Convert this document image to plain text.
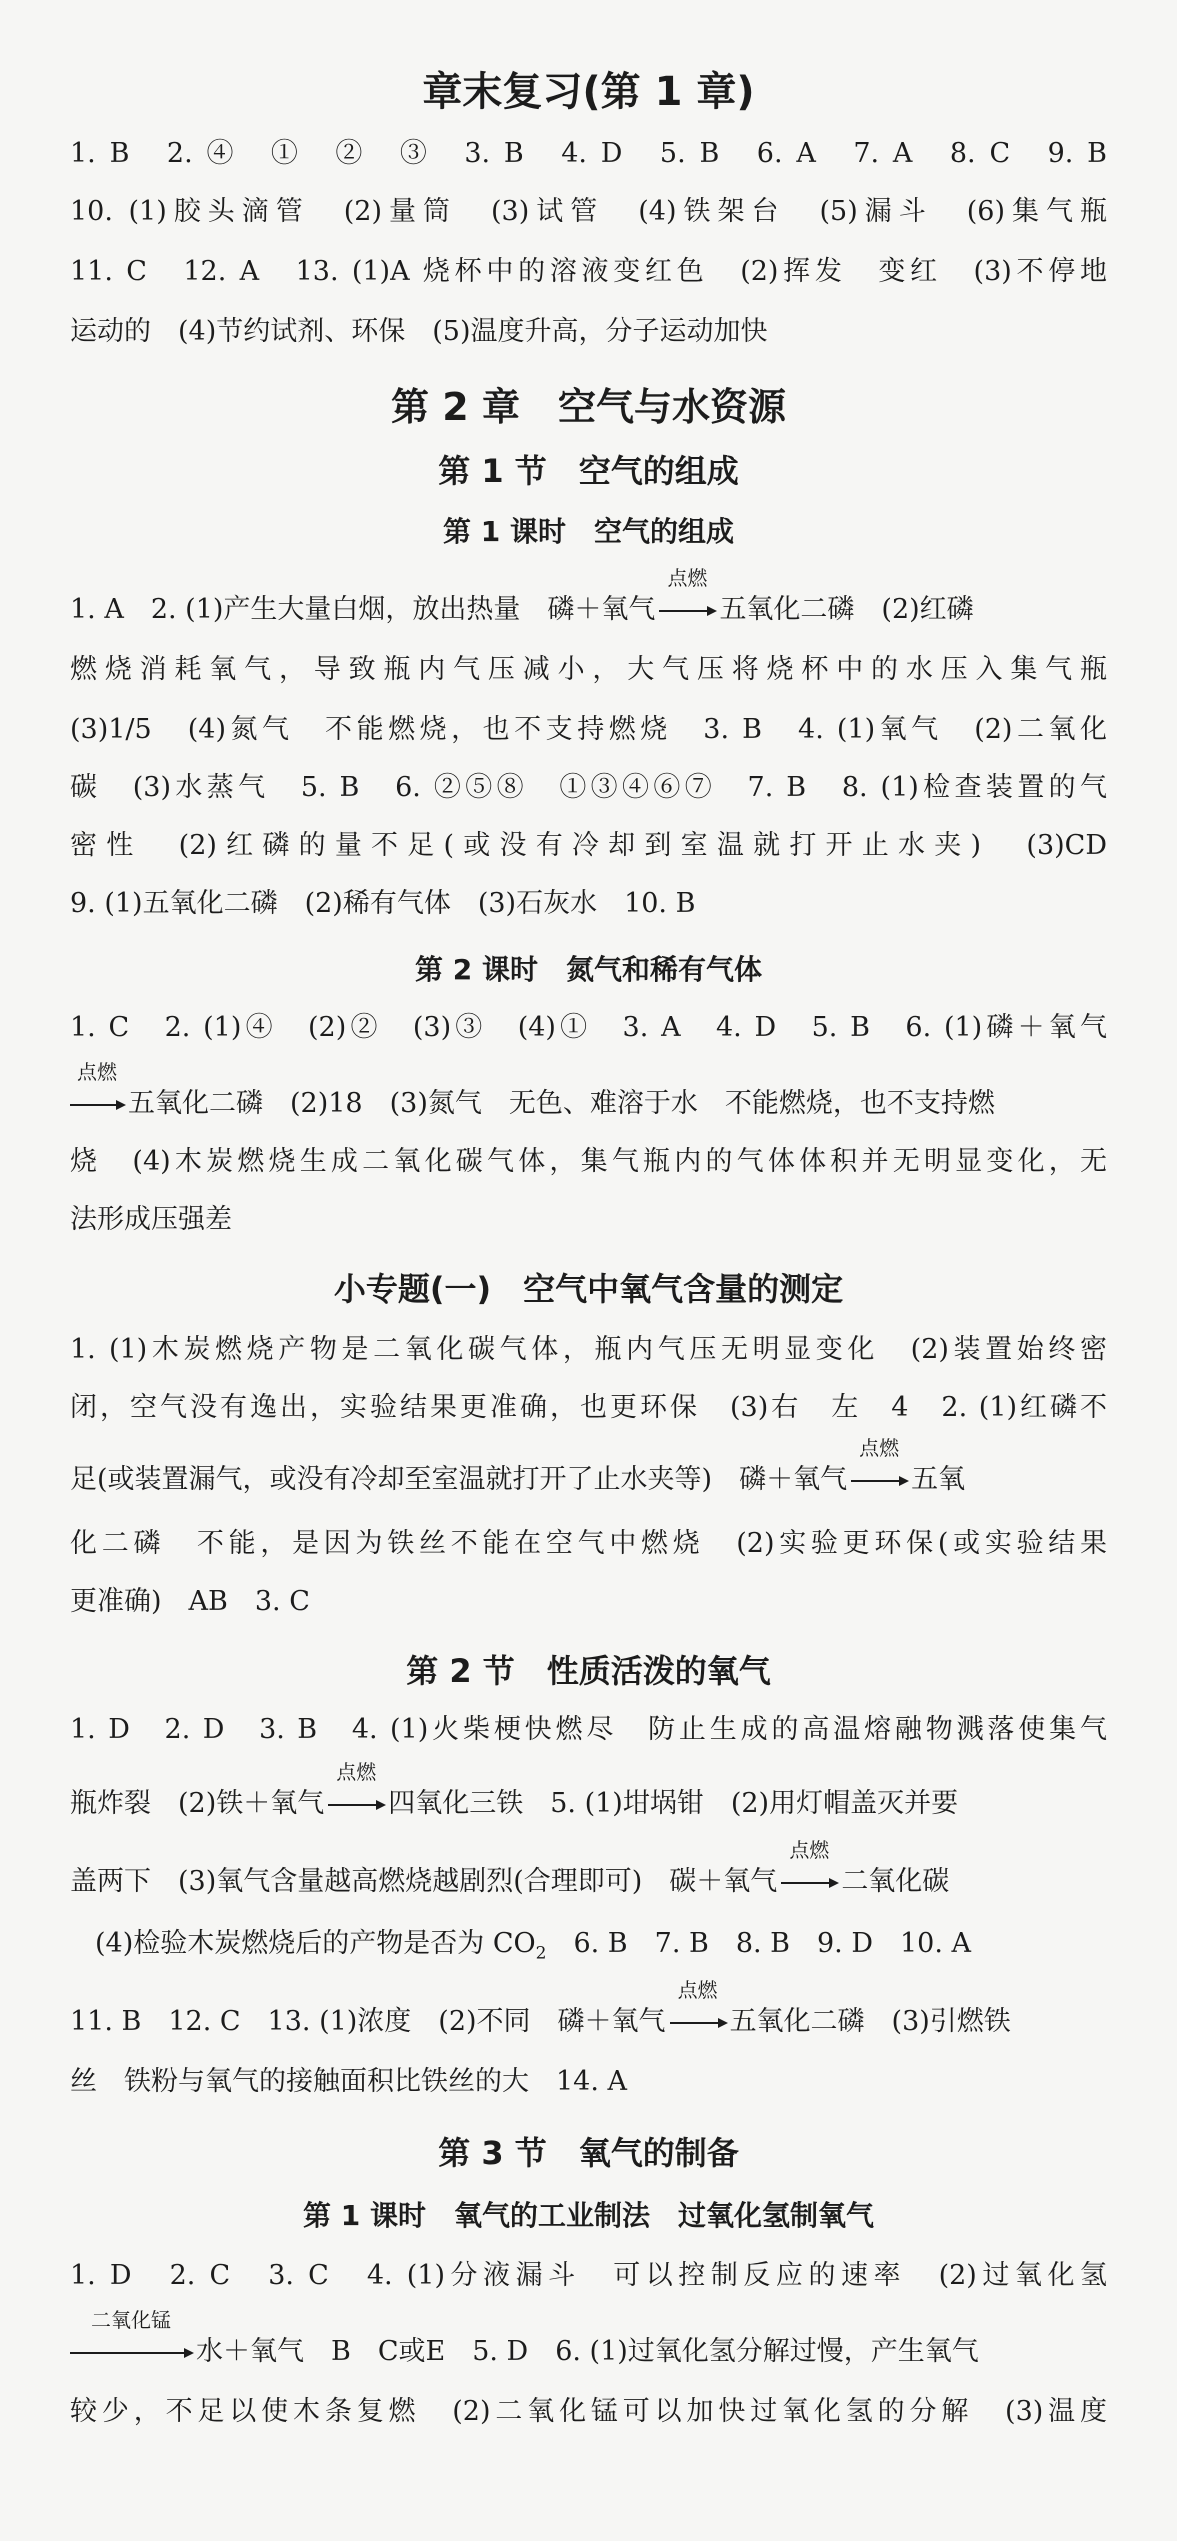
章末复习(第 1 章)
1. B　2. ④　①　②　③　3. B　4. D　5. B　6. A　7. A　8. C　9. B
10. (1)胶头滴管　(2)量筒　(3)试管　(4)铁架台　(5)漏斗　(6)集气瓶
11. C　12. A　13. (1)A 烧杯中的溶液变红色　(2)挥发　变红　(3)不停地
运动的　(4)节约试剂、环保　(5)温度升高，分子运动加快
第 2 章　空气与水资源
第 1 节　空气的组成
第 1 课时　空气的组成
1. A　2. (1)产生大量白烟，放出热量　磷＋氧气
点燃
五氧化二磷　(2)红磷
燃烧消耗氧气，导致瓶内气压减小，大气压将烧杯中的水压入集气瓶
(3)1/5　(4)氮气　不能燃烧，也不支持燃烧　3. B　4. (1)氧气　(2)二氧化
碳　(3)水蒸气　5. B　6. ②⑤⑧　①③④⑥⑦　7. B　8. (1)检查装置的气
密性　(2)红磷的量不足(或没有冷却到室温就打开止水夹)　(3)CD
9. (1)五氧化二磷　(2)稀有气体　(3)石灰水　10. B
第 2 课时　氮气和稀有气体
1. C　2. (1)④　(2)②　(3)③　(4)①　3. A　4. D　5. B　6. (1)磷＋氧气
点燃
五氧化二磷　(2)18　(3)氮气　无色、难溶于水　不能燃烧，也不支持燃
烧　(4)木炭燃烧生成二氧化碳气体，集气瓶内的气体体积并无明显变化，无
法形成压强差
小专题(一)　空气中氧气含量的测定
1. (1)木炭燃烧产物是二氧化碳气体，瓶内气压无明显变化　(2)装置始终密
闭，空气没有逸出，实验结果更准确，也更环保　(3)右　左　4　2. (1)红磷不
足(或装置漏气，或没有冷却至室温就打开了止水夹等)　磷＋氧气
点燃
五氧
化二磷　不能，是因为铁丝不能在空气中燃烧　(2)实验更环保(或实验结果
更准确)　AB　3. C
第 2 节　性质活泼的氧气
1. D　2. D　3. B　4. (1)火柴梗快燃尽　防止生成的高温熔融物溅落使集气
瓶炸裂　(2)铁＋氧气
点燃
四氧化三铁　5. (1)坩埚钳　(2)用灯帽盖灭并要
盖两下　(3)氧气含量越高燃烧越剧烈(合理即可)　碳＋氧气
点燃
二氧化碳
(4)检验木炭燃烧后的产物是否为 $CO_2$　6. B　7. B　8. B　9. D　10. A
11. B　12. C　13. (1)浓度　(2)不同　磷＋氧气
点燃
五氧化二磷　(3)引燃铁
丝　铁粉与氧气的接触面积比铁丝的大　14. A
第 3 节　氧气的制备
第 1 课时　氧气的工业制法　过氧化氢制氧气
1. D　2. C　3. C　4. (1)分液漏斗　可以控制反应的速率　(2)过氧化氢
二氧化锰
水＋氧气　B　C或E　5. D　6. (1)过氧化氢分解过慢，产生氧气
较少，不足以使木条复燃　(2)二氧化锰可以加快过氧化氢的分解　(3)温度
